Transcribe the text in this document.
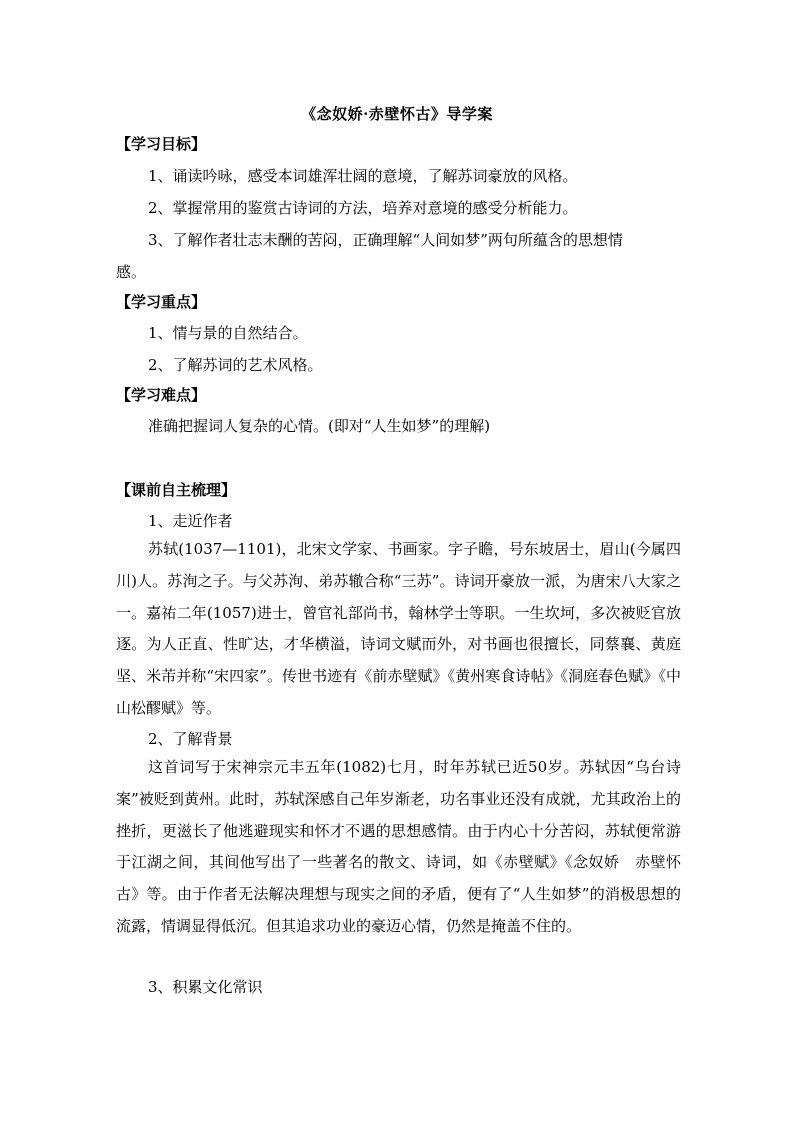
《念奴娇·赤壁怀古》导学案
【学习目标】
1、诵读吟咏，感受本词雄浑壮阔的意境，了解苏词豪放的风格。
2、掌握常用的鉴赏古诗词的方法，培养对意境的感受分析能力。
3、了解作者壮志未酬的苦闷，正确理解“人间如梦”两句所蕴含的思想情
感。
【学习重点】
1、情与景的自然结合。
2、了解苏词的艺术风格。
【学习难点】
准确把握词人复杂的心情。(即对“人生如梦”的理解)
【课前自主梳理】
1、走近作者
苏轼(1037—1101)，北宋文学家、书画家。字子瞻，号东坡居士，眉山(今属四川)人。苏洵之子。与父苏洵、弟苏辙合称“三苏”。诗词开豪放一派，为唐宋八大家之一。嘉祐二年(1057)进士，曾官礼部尚书，翰林学士等职。一生坎坷，多次被贬官放逐。为人正直、性旷达，才华横溢，诗词文赋而外，对书画也很擅长，同蔡襄、黄庭坚、米芾并称“宋四家”。传世书迹有《前赤壁赋》《黄州寒食诗帖》《洞庭春色赋》《中山松醪赋》等。
2、了解背景
这首词写于宋神宗元丰五年(1082)七月，时年苏轼已近50岁。苏轼因“乌台诗案”被贬到黄州。此时，苏轼深感自己年岁渐老，功名事业还没有成就，尤其政治上的挫折，更滋长了他逃避现实和怀才不遇的思想感情。由于内心十分苦闷，苏轼便常游于江湖之间，其间他写出了一些著名的散文、诗词，如《赤壁赋》《念奴娇　赤壁怀古》等。由于作者无法解决理想与现实之间的矛盾，便有了“人生如梦”的消极思想的流露，情调显得低沉。但其追求功业的豪迈心情，仍然是掩盖不住的。
3、积累文化常识
